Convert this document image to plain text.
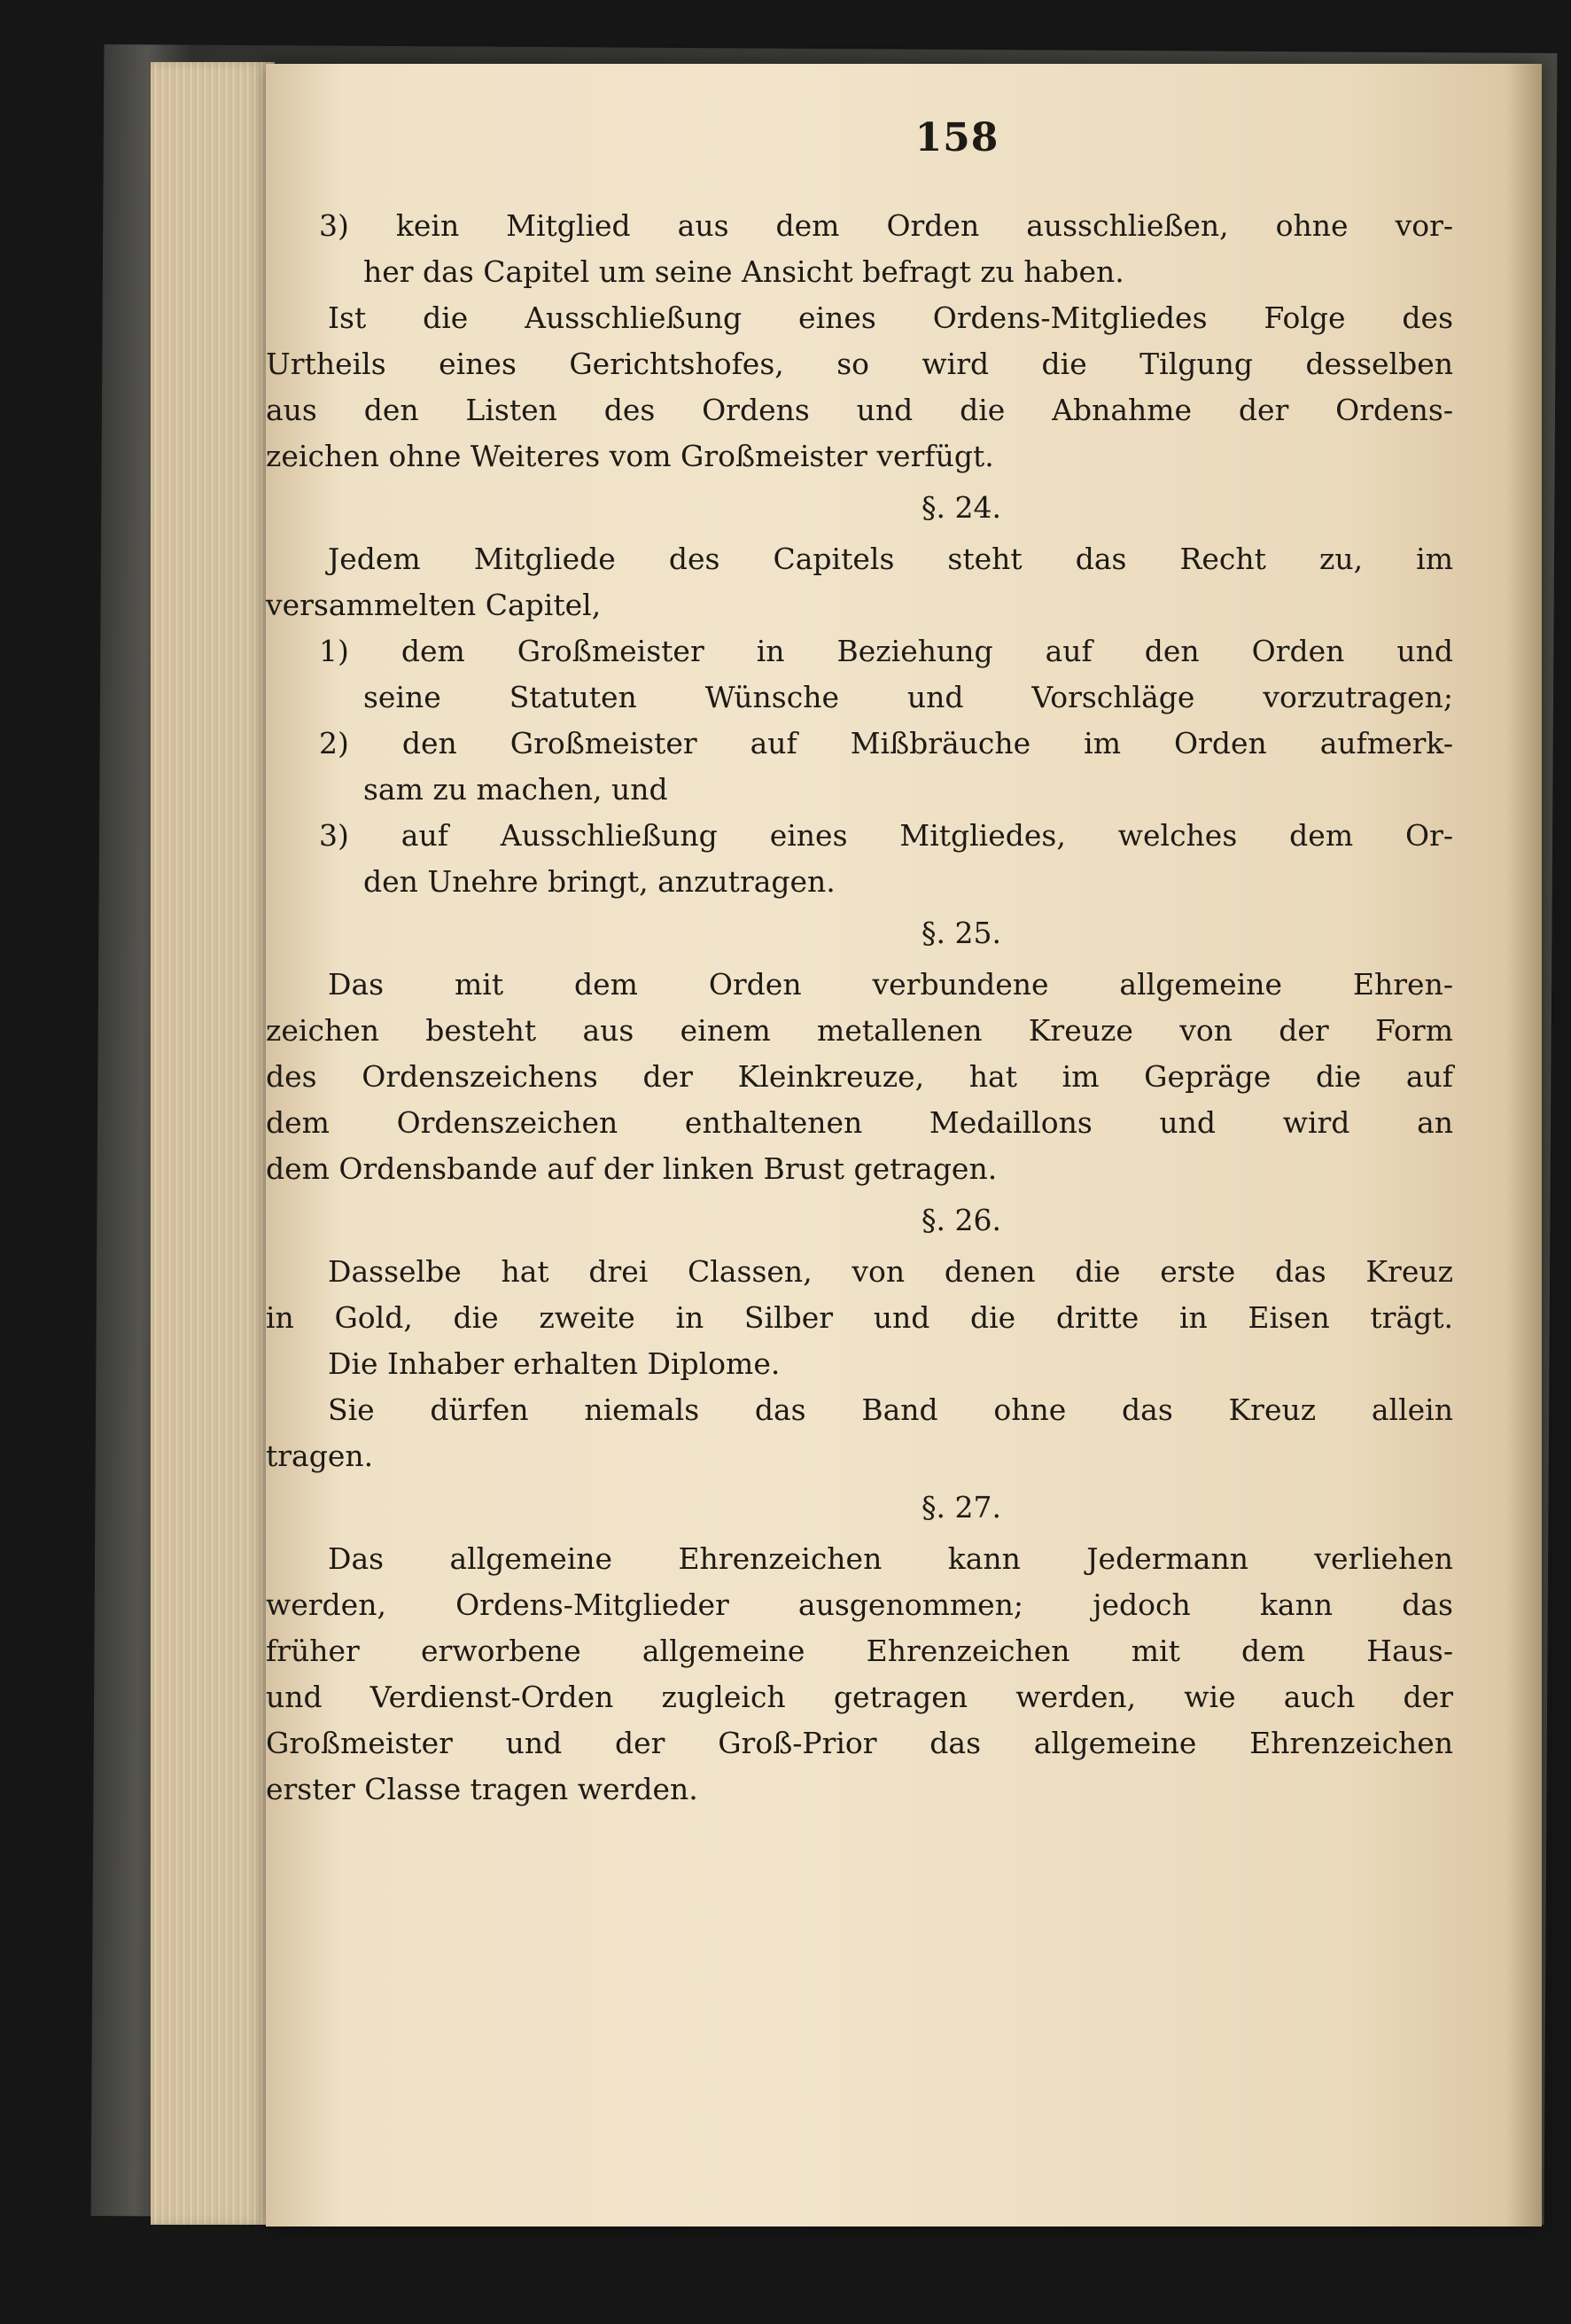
158
3) kein Mitglied aus dem Orden ausschließen, ohne vor-
her das Capitel um seine Ansicht befragt zu haben.
Ist die Ausschließung eines Ordens-Mitgliedes Folge des
Urtheils eines Gerichtshofes, so wird die Tilgung desselben
aus den Listen des Ordens und die Abnahme der Ordens-
zeichen ohne Weiteres vom Großmeister verfügt.
§. 24.
Jedem Mitgliede des Capitels steht das Recht zu, im
versammelten Capitel,
1) dem Großmeister in Beziehung auf den Orden und
seine Statuten Wünsche und Vorschläge vorzutragen;
2) den Großmeister auf Mißbräuche im Orden aufmerk-
sam zu machen, und
3) auf Ausschließung eines Mitgliedes, welches dem Or-
den Unehre bringt, anzutragen.
§. 25.
Das mit dem Orden verbundene allgemeine Ehren-
zeichen besteht aus einem metallenen Kreuze von der Form
des Ordenszeichens der Kleinkreuze, hat im Gepräge die auf
dem Ordenszeichen enthaltenen Medaillons und wird an
dem Ordensbande auf der linken Brust getragen.
§. 26.
Dasselbe hat drei Classen, von denen die erste das Kreuz
in Gold, die zweite in Silber und die dritte in Eisen trägt.
Die Inhaber erhalten Diplome.
Sie dürfen niemals das Band ohne das Kreuz allein
tragen.
§. 27.
Das allgemeine Ehrenzeichen kann Jedermann verliehen
werden, Ordens-Mitglieder ausgenommen; jedoch kann das
früher erworbene allgemeine Ehrenzeichen mit dem Haus-
und Verdienst-Orden zugleich getragen werden, wie auch der
Großmeister und der Groß-Prior das allgemeine Ehrenzeichen
erster Classe tragen werden.
